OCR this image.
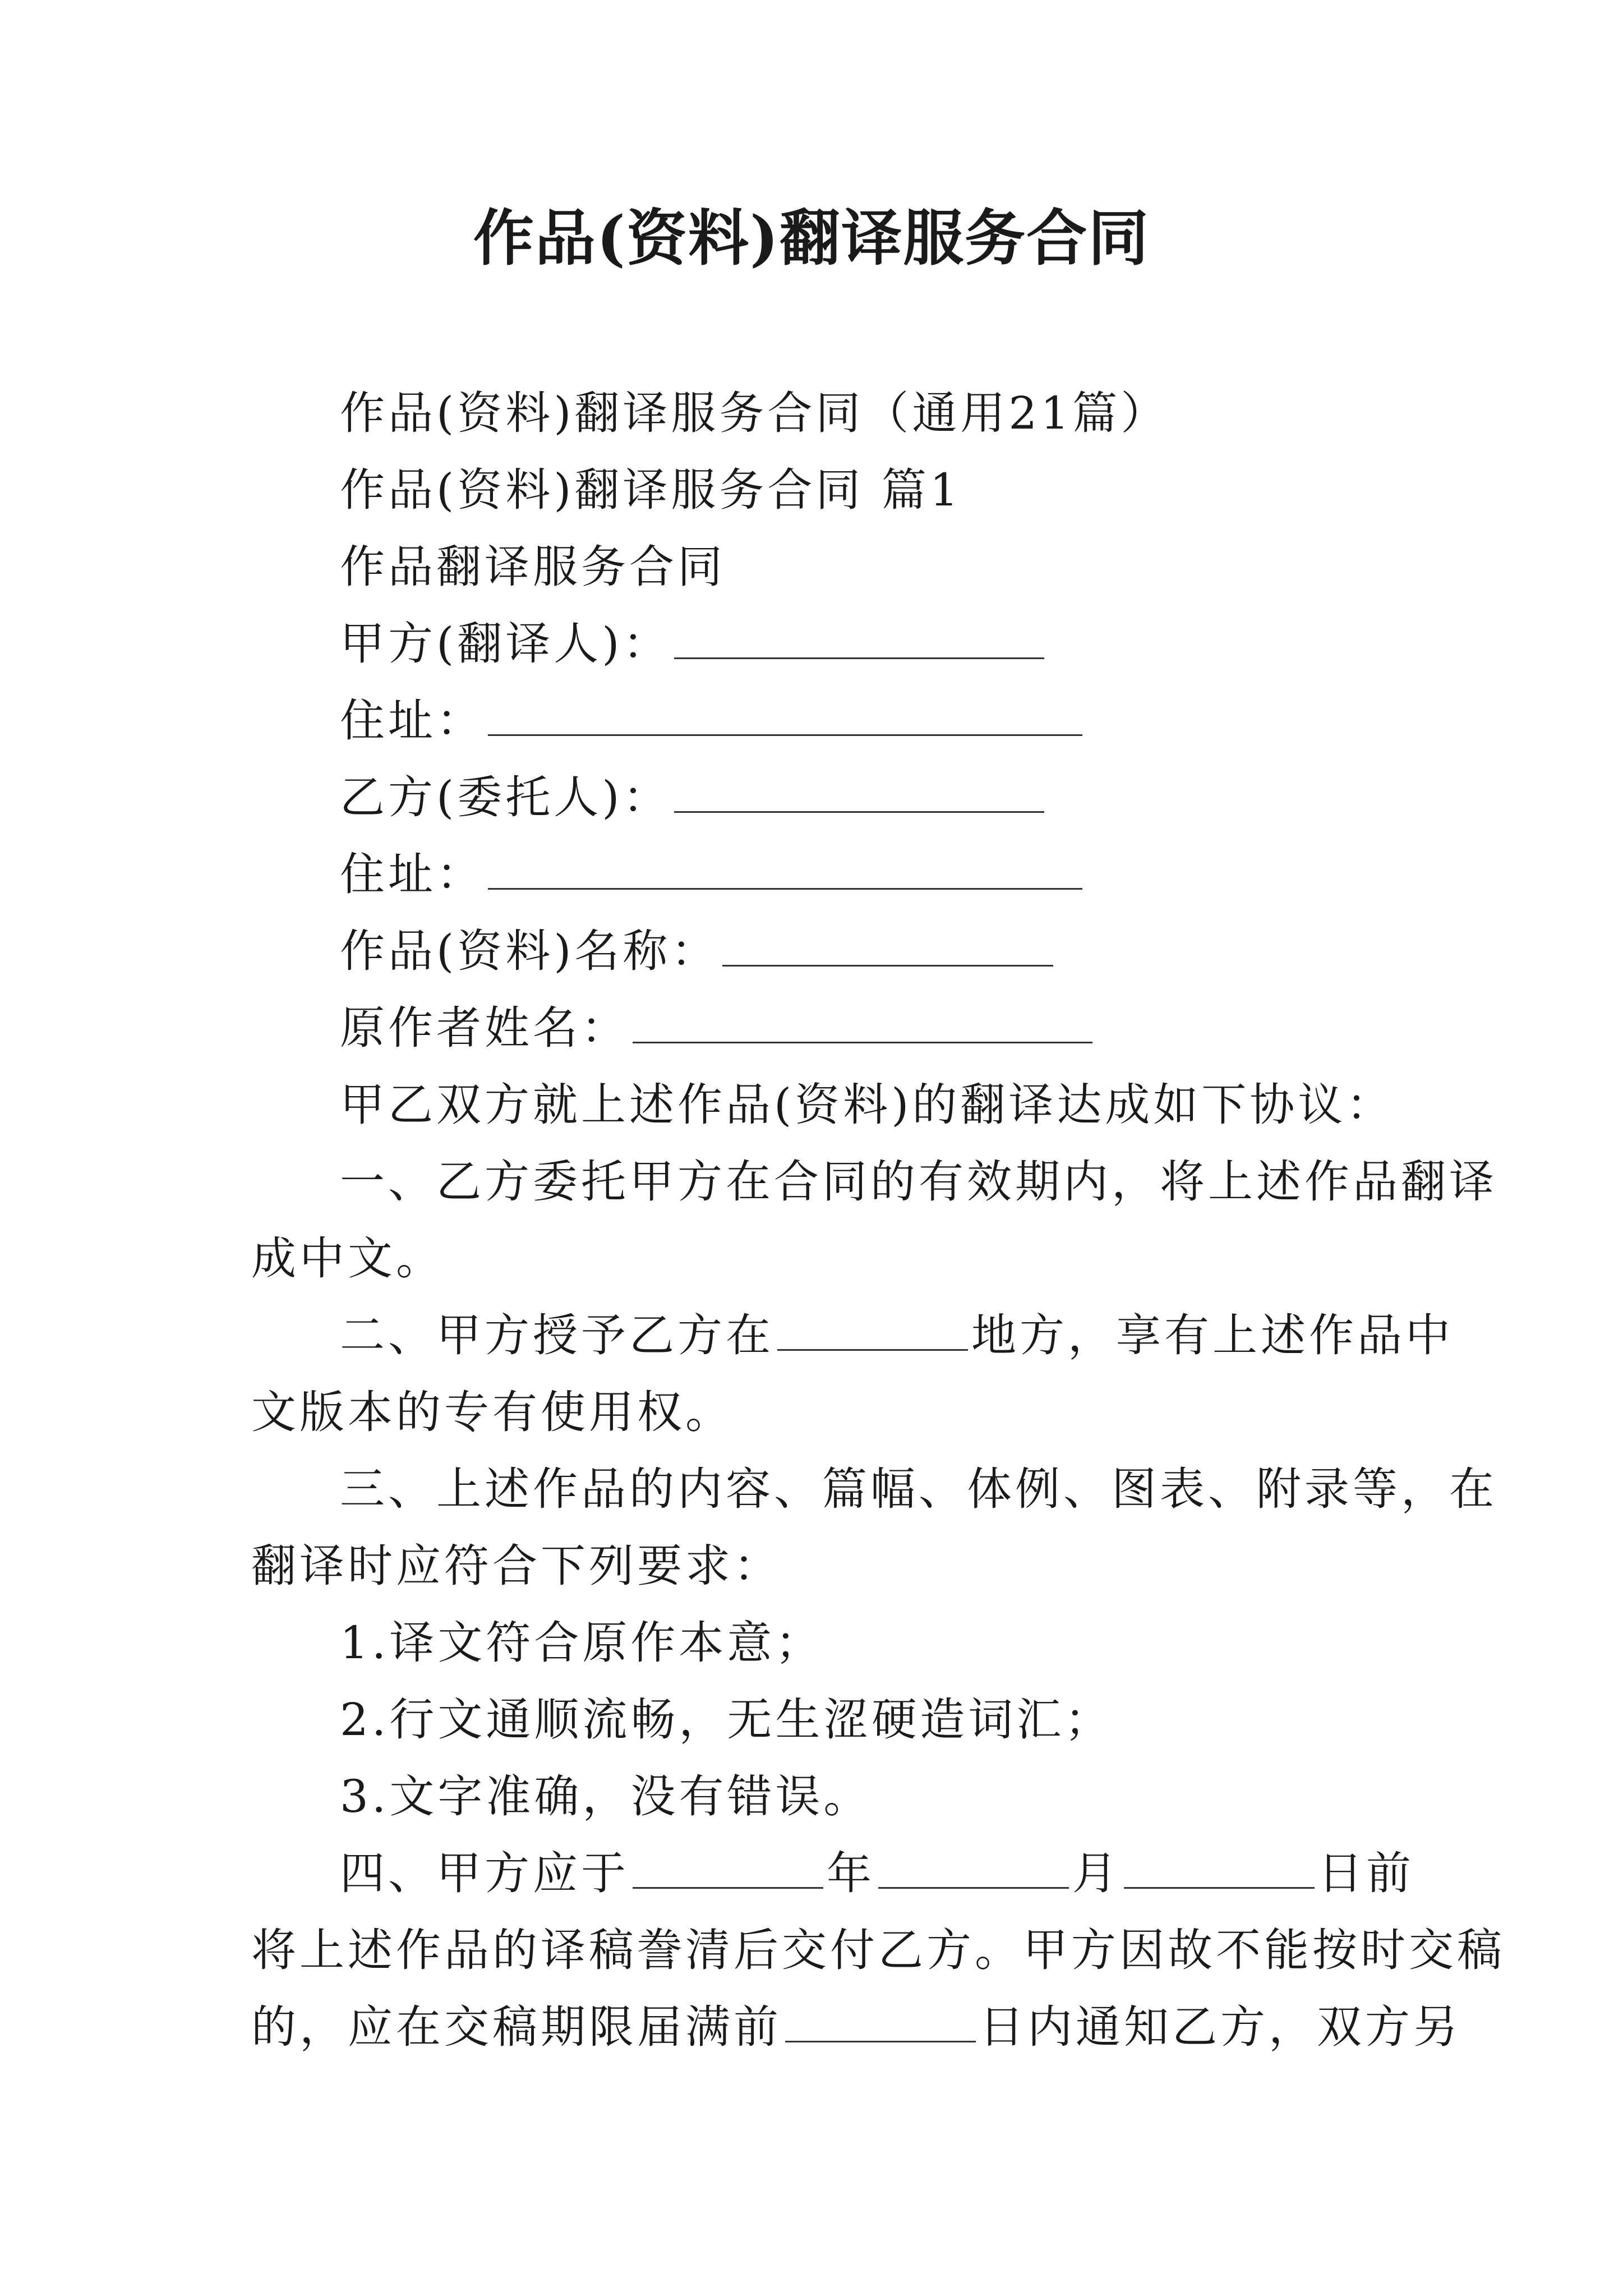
作品(资料)翻译服务合同
作品(资料)翻译服务合同（通用21篇）
作品(资料)翻译服务合同 篇1
作品翻译服务合同
甲方(翻译人)：
住址：
乙方(委托人)：
住址：
作品(资料)名称：
原作者姓名：
甲乙双方就上述作品(资料)的翻译达成如下协议：
一、乙方委托甲方在合同的有效期内，将上述作品翻译
成中文。
二、甲方授予乙方在	地方，享有上述作品中
文版本的专有使用权。
三、上述作品的内容、篇幅、体例、图表、附录等，在
翻译时应符合下列要求：
1.译文符合原作本意；
2.行文通顺流畅，无生涩硬造词汇；
3.文字准确，没有错误。
四、甲方应于	年	月	日前
将上述作品的译稿誊清后交付乙方。甲方因故不能按时交稿
的，应在交稿期限届满前	日内通知乙方，双方另
